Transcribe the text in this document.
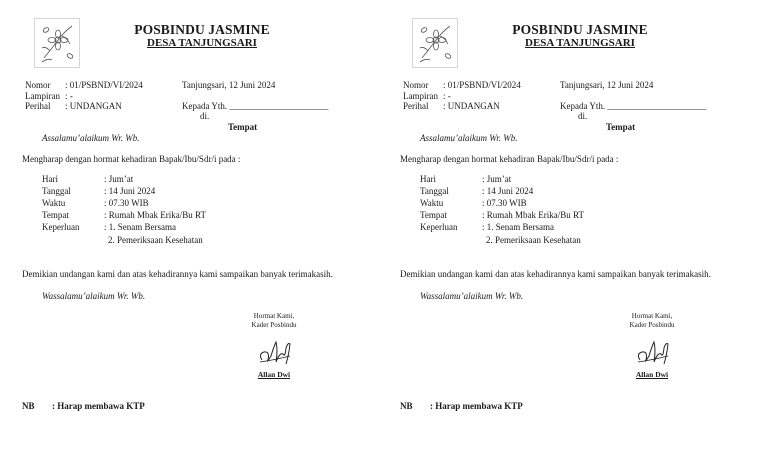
POSBINDU JASMINE
DESA TANJUNGSARI
Nomor : 01/PSBND/VI/2024
Lampiran : -
Perihal : UNDANGAN
Tanjungsari, 12 Juni 2024
Kepada Yth. ______________________
di.
Tempat
Assalamu’alaikum Wr. Wb.
Mengharap dengan hormat kehadiran Bapak/Ibu/Sdr/i pada :
Hari	: Jum’at
Tanggal	: 14 Juni 2024
Waktu	: 07.30 WIB
Tempat	: Rumah Mbak Erika/Bu RT
Keperluan	: 1. Senam Bersama
2. Pemeriksaan Kesehatan
Demikian undangan kami dan atas kehadirannya kami sampaikan banyak terimakasih.
Wassalamu’alaikum Wr. Wb.
Hormat Kami,
Kader Posbindu
Allan Dwi
NB : Harap membawa KTP
POSBINDU JASMINE
DESA TANJUNGSARI
Nomor : 01/PSBND/VI/2024
Lampiran : -
Perihal : UNDANGAN
Tanjungsari, 12 Juni 2024
Kepada Yth. ______________________
di.
Tempat
Assalamu’alaikum Wr. Wb.
Mengharap dengan hormat kehadiran Bapak/Ibu/Sdr/i pada :
Hari	: Jum’at
Tanggal	: 14 Juni 2024
Waktu	: 07.30 WIB
Tempat	: Rumah Mbak Erika/Bu RT
Keperluan	: 1. Senam Bersama
2. Pemeriksaan Kesehatan
Demikian undangan kami dan atas kehadirannya kami sampaikan banyak terimakasih.
Wassalamu’alaikum Wr. Wb.
Hormat Kami,
Kader Posbindu
Allan Dwi
NB : Harap membawa KTP
